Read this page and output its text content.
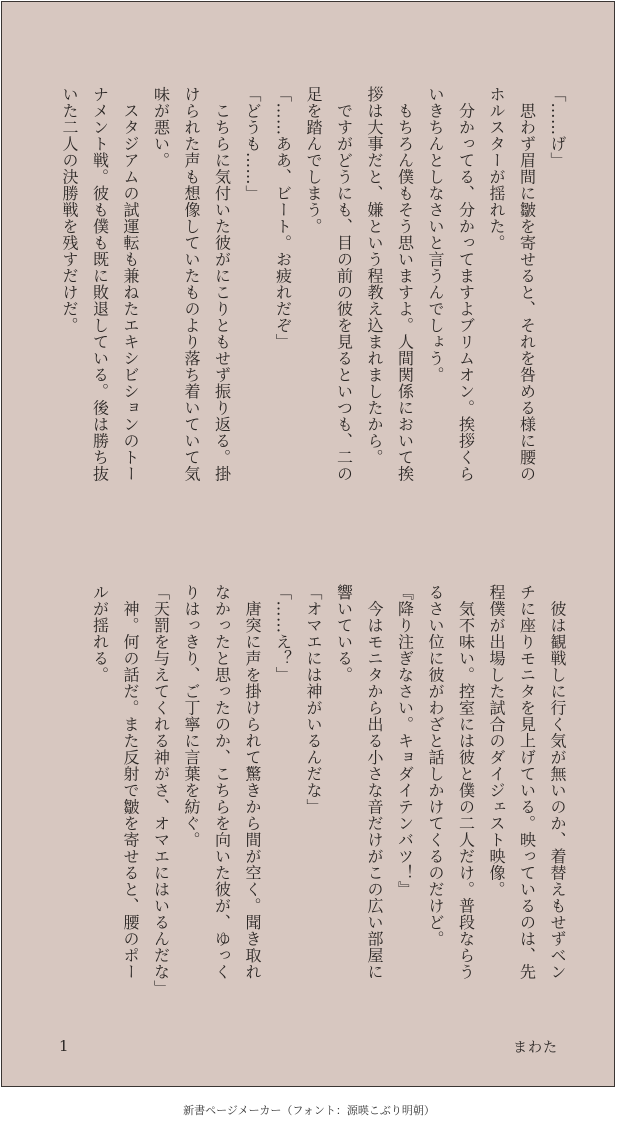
「……げ」
　思わず眉間に皺を寄せると、それを咎める様に腰の
ホルスターが揺れた。
　分かってる、分かってますよブリムオン。挨拶くら
いきちんとしなさいと言うんでしょう。
　もちろん僕もそう思いますよ。人間関係において挨
拶は大事だと、嫌という程教え込まれましたから。
　ですがどうにも、目の前の彼を見るといつも、二の
足を踏んでしまう。
「……ああ、ビート。お疲れだぞ」
「どうも……」
　こちらに気付いた彼がにこりともせず振り返る。掛
けられた声も想像していたものより落ち着いていて気
味が悪い。
　スタジアムの試運転も兼ねたエキシビションのトー
ナメント戦。彼も僕も既に敗退している。後は勝ち抜
いた二人の決勝戦を残すだけだ。
　彼は観戦しに行く気が無いのか、着替えもせずベン
チに座りモニタを見上げている。映っているのは、先
程僕が出場した試合のダイジェスト映像。
　気不味い。控室には彼と僕の二人だけ。普段ならう
るさい位に彼がわざと話しかけてくるのだけど。
『降り注ぎなさい。キョダイテンバツ！』
　今はモニタから出る小さな音だけがこの広い部屋に
響いている。
「オマエには神がいるんだな」
「……え？」
　唐突に声を掛けられて驚きから間が空く。聞き取れ
なかったと思ったのか、こちらを向いた彼が、ゆっく
りはっきり、ご丁寧に言葉を紡ぐ。
「天罰を与えてくれる神がさ、オマエにはいるんだな」
　神。何の話だ。また反射で皺を寄せると、腰のポー
ルが揺れる。
1	まわた
新書ページメーカー（フォント：源暎こぶり明朝）
